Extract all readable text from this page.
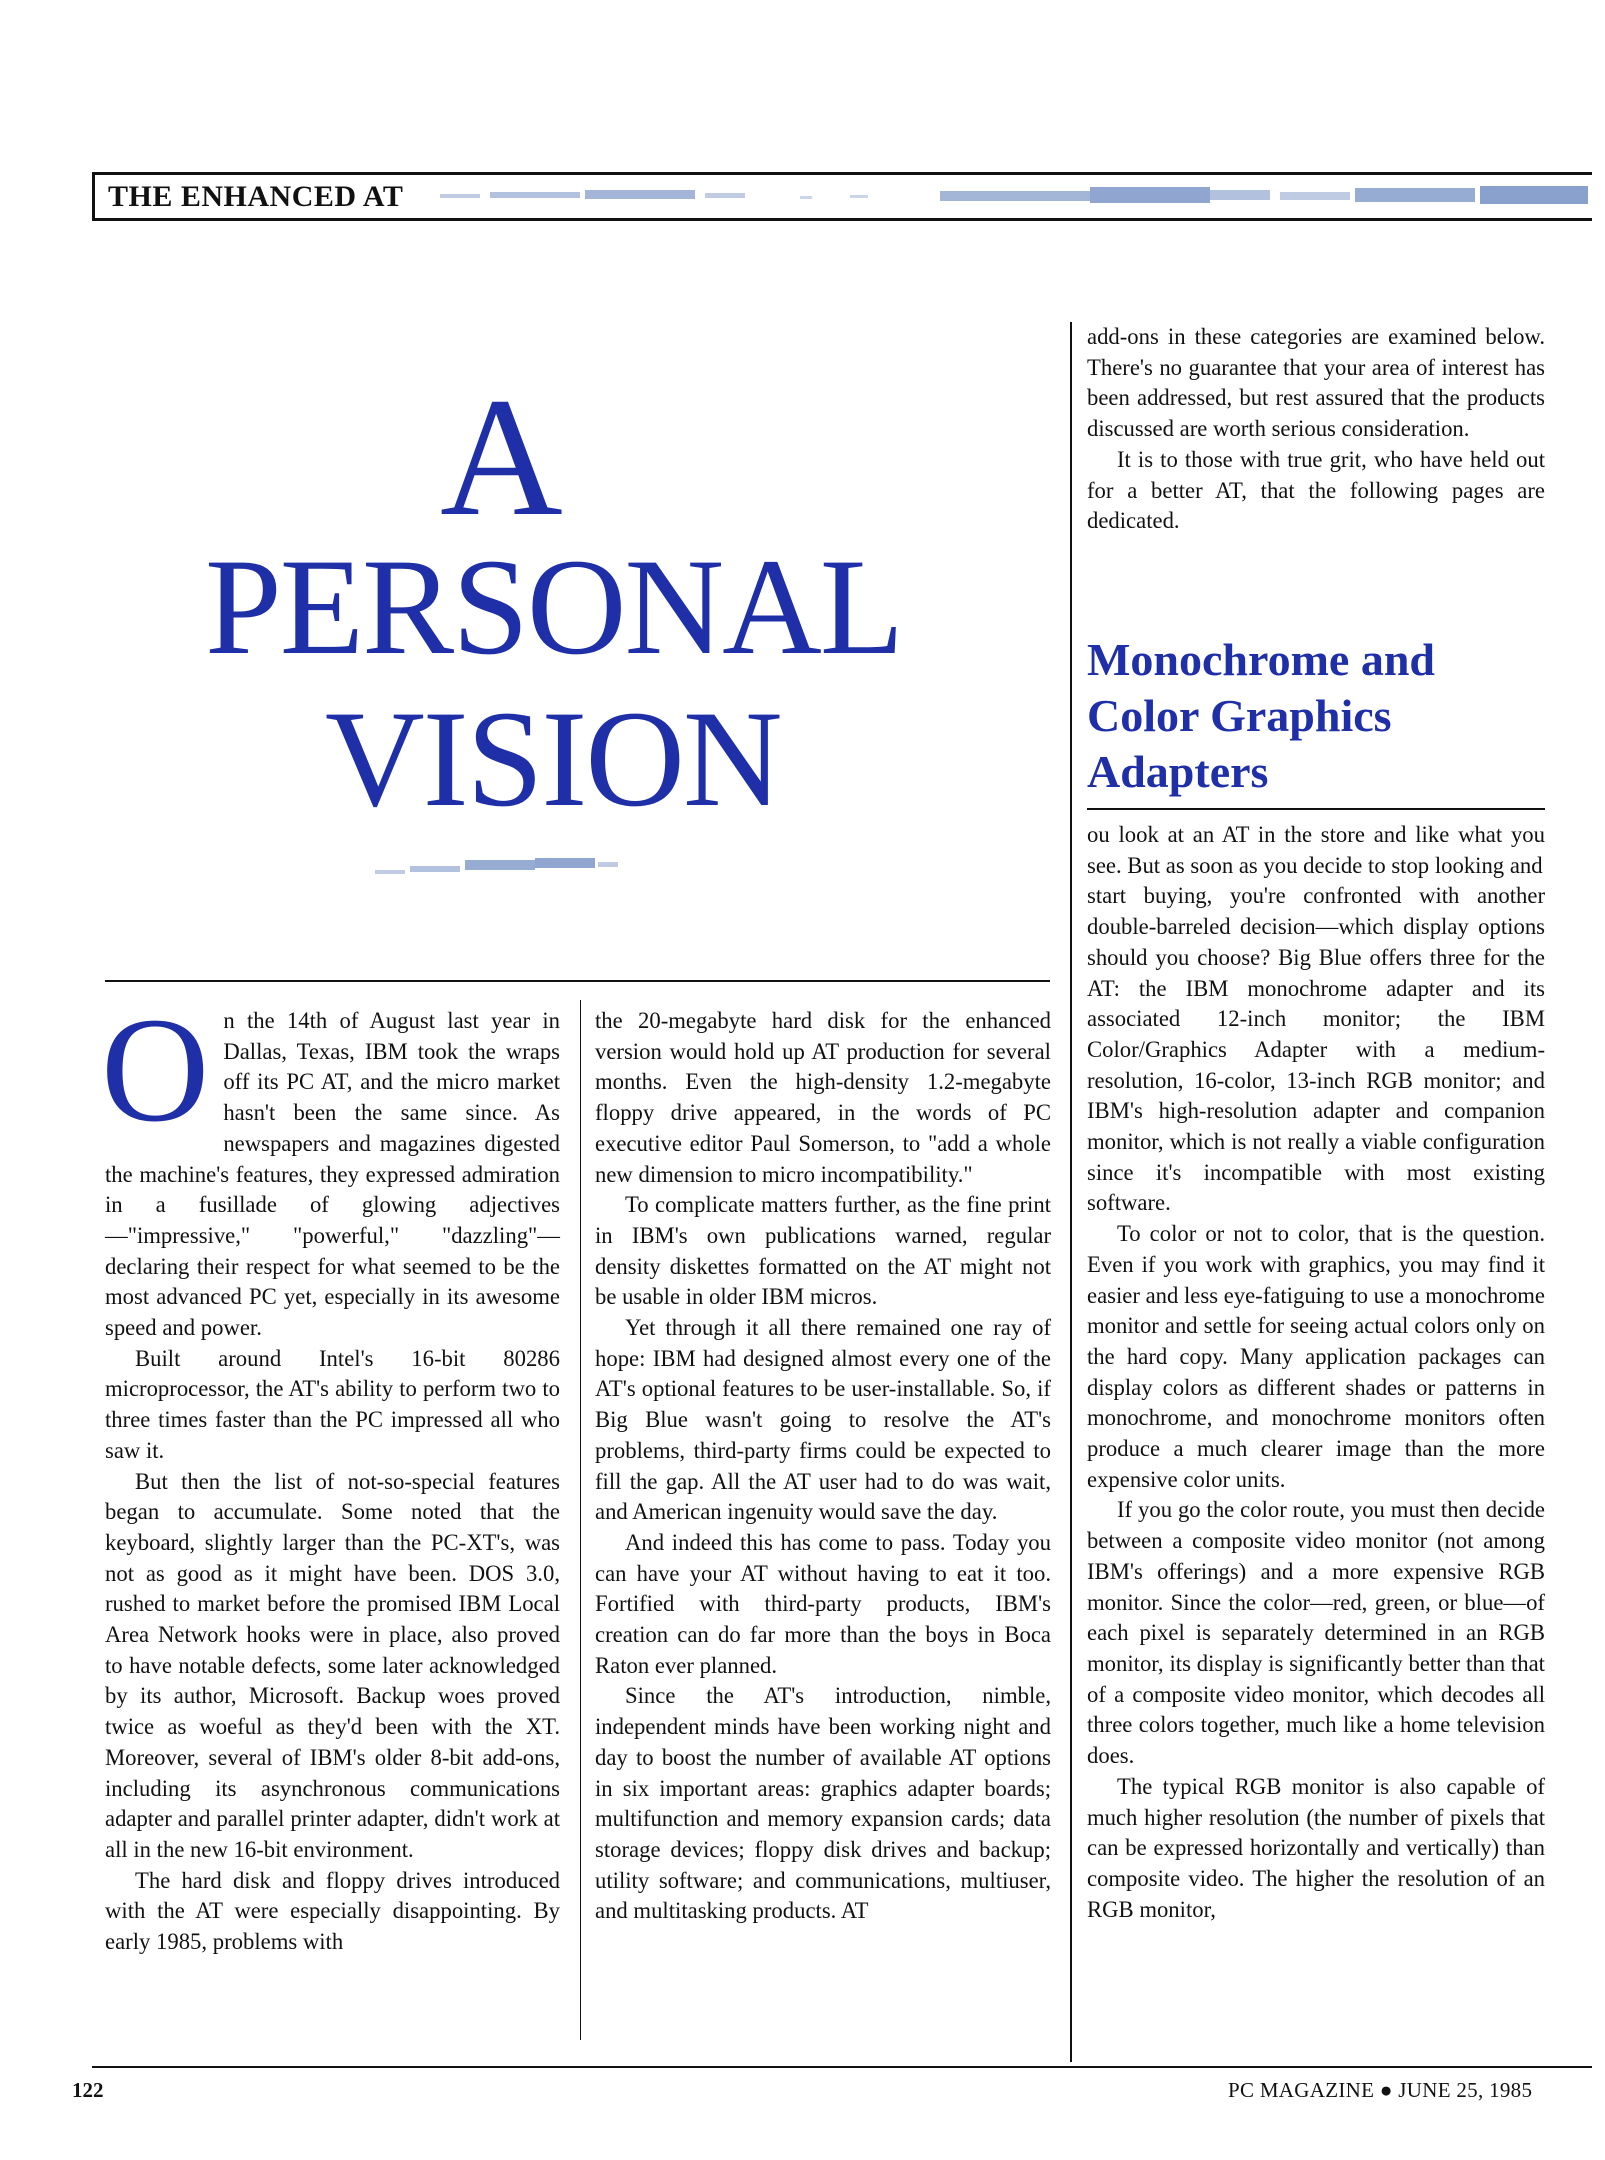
THE ENHANCED AT
A
PERSONAL
VISION
O n the 14th of August last year in Dallas, Texas, IBM took the wraps off its PC AT, and the micro market hasn't been the same since. As newspapers and magazines digested the machine's features, they expressed admiration in a fusillade of glowing adjectives—"impressive," "powerful," "dazzling"—declaring their respect for what seemed to be the most advanced PC yet, especially in its awesome speed and power.

Built around Intel's 16-bit 80286 microprocessor, the AT's ability to perform two to three times faster than the PC impressed all who saw it.

But then the list of not-so-special features began to accumulate. Some noted that the keyboard, slightly larger than the PC-XT's, was not as good as it might have been. DOS 3.0, rushed to market before the promised IBM Local Area Network hooks were in place, also proved to have notable defects, some later acknowledged by its author, Microsoft. Backup woes proved twice as woeful as they'd been with the XT. Moreover, several of IBM's older 8-bit add-ons, including its asynchronous communications adapter and parallel printer adapter, didn't work at all in the new 16-bit environment.

The hard disk and floppy drives introduced with the AT were especially disappointing. By early 1985, problems with

the 20-megabyte hard disk for the enhanced version would hold up AT production for several months. Even the high-density 1.2-megabyte floppy drive appeared, in the words of PC executive editor Paul Somerson, to "add a whole new dimension to micro incompatibility."

To complicate matters further, as the fine print in IBM's own publications warned, regular density diskettes formatted on the AT might not be usable in older IBM micros.

Yet through it all there remained one ray of hope: IBM had designed almost every one of the AT's optional features to be user-installable. So, if Big Blue wasn't going to resolve the AT's problems, third-party firms could be expected to fill the gap. All the AT user had to do was wait, and American ingenuity would save the day.

And indeed this has come to pass. Today you can have your AT without having to eat it too. Fortified with third-party products, IBM's creation can do far more than the boys in Boca Raton ever planned.

Since the AT's introduction, nimble, independent minds have been working night and day to boost the number of available AT options in six important areas: graphics adapter boards; multifunction and memory expansion cards; data storage devices; floppy disk drives and backup; utility software; and communications, multiuser, and multitasking products. AT

add-ons in these categories are examined below. There's no guarantee that your area of interest has been addressed, but rest assured that the products discussed are worth serious consideration.

It is to those with true grit, who have held out for a better AT, that the following pages are dedicated.

Monochrome and Color Graphics Adapters

ou look at an AT in the store and like what you see. But as soon as you decide to stop looking and

start buying, you're confronted with another double-barreled decision—which display options should you choose? Big Blue offers three for the AT: the IBM monochrome adapter and its associated 12-inch monitor; the IBM Color/Graphics Adapter with a medium-resolution, 16-color, 13-inch RGB monitor; and IBM's high-resolution adapter and companion monitor, which is not really a viable configuration since it's incompatible with most existing software.

To color or not to color, that is the question. Even if you work with graphics, you may find it easier and less eye-fatiguing to use a monochrome monitor and settle for seeing actual colors only on the hard copy. Many application packages can display colors as different shades or patterns in monochrome, and monochrome monitors often produce a much clearer image than the more expensive color units.

If you go the color route, you must then decide between a composite video monitor (not among IBM's offerings) and a more expensive RGB monitor. Since the color—red, green, or blue—of each pixel is separately determined in an RGB monitor, its display is significantly better than that of a composite video monitor, which decodes all three colors together, much like a home television does.

The typical RGB monitor is also capable of much higher resolution (the number of pixels that can be expressed horizontally and vertically) than composite video. The higher the resolution of an RGB monitor,

122	PC MAGAZINE ● JUNE 25, 1985
